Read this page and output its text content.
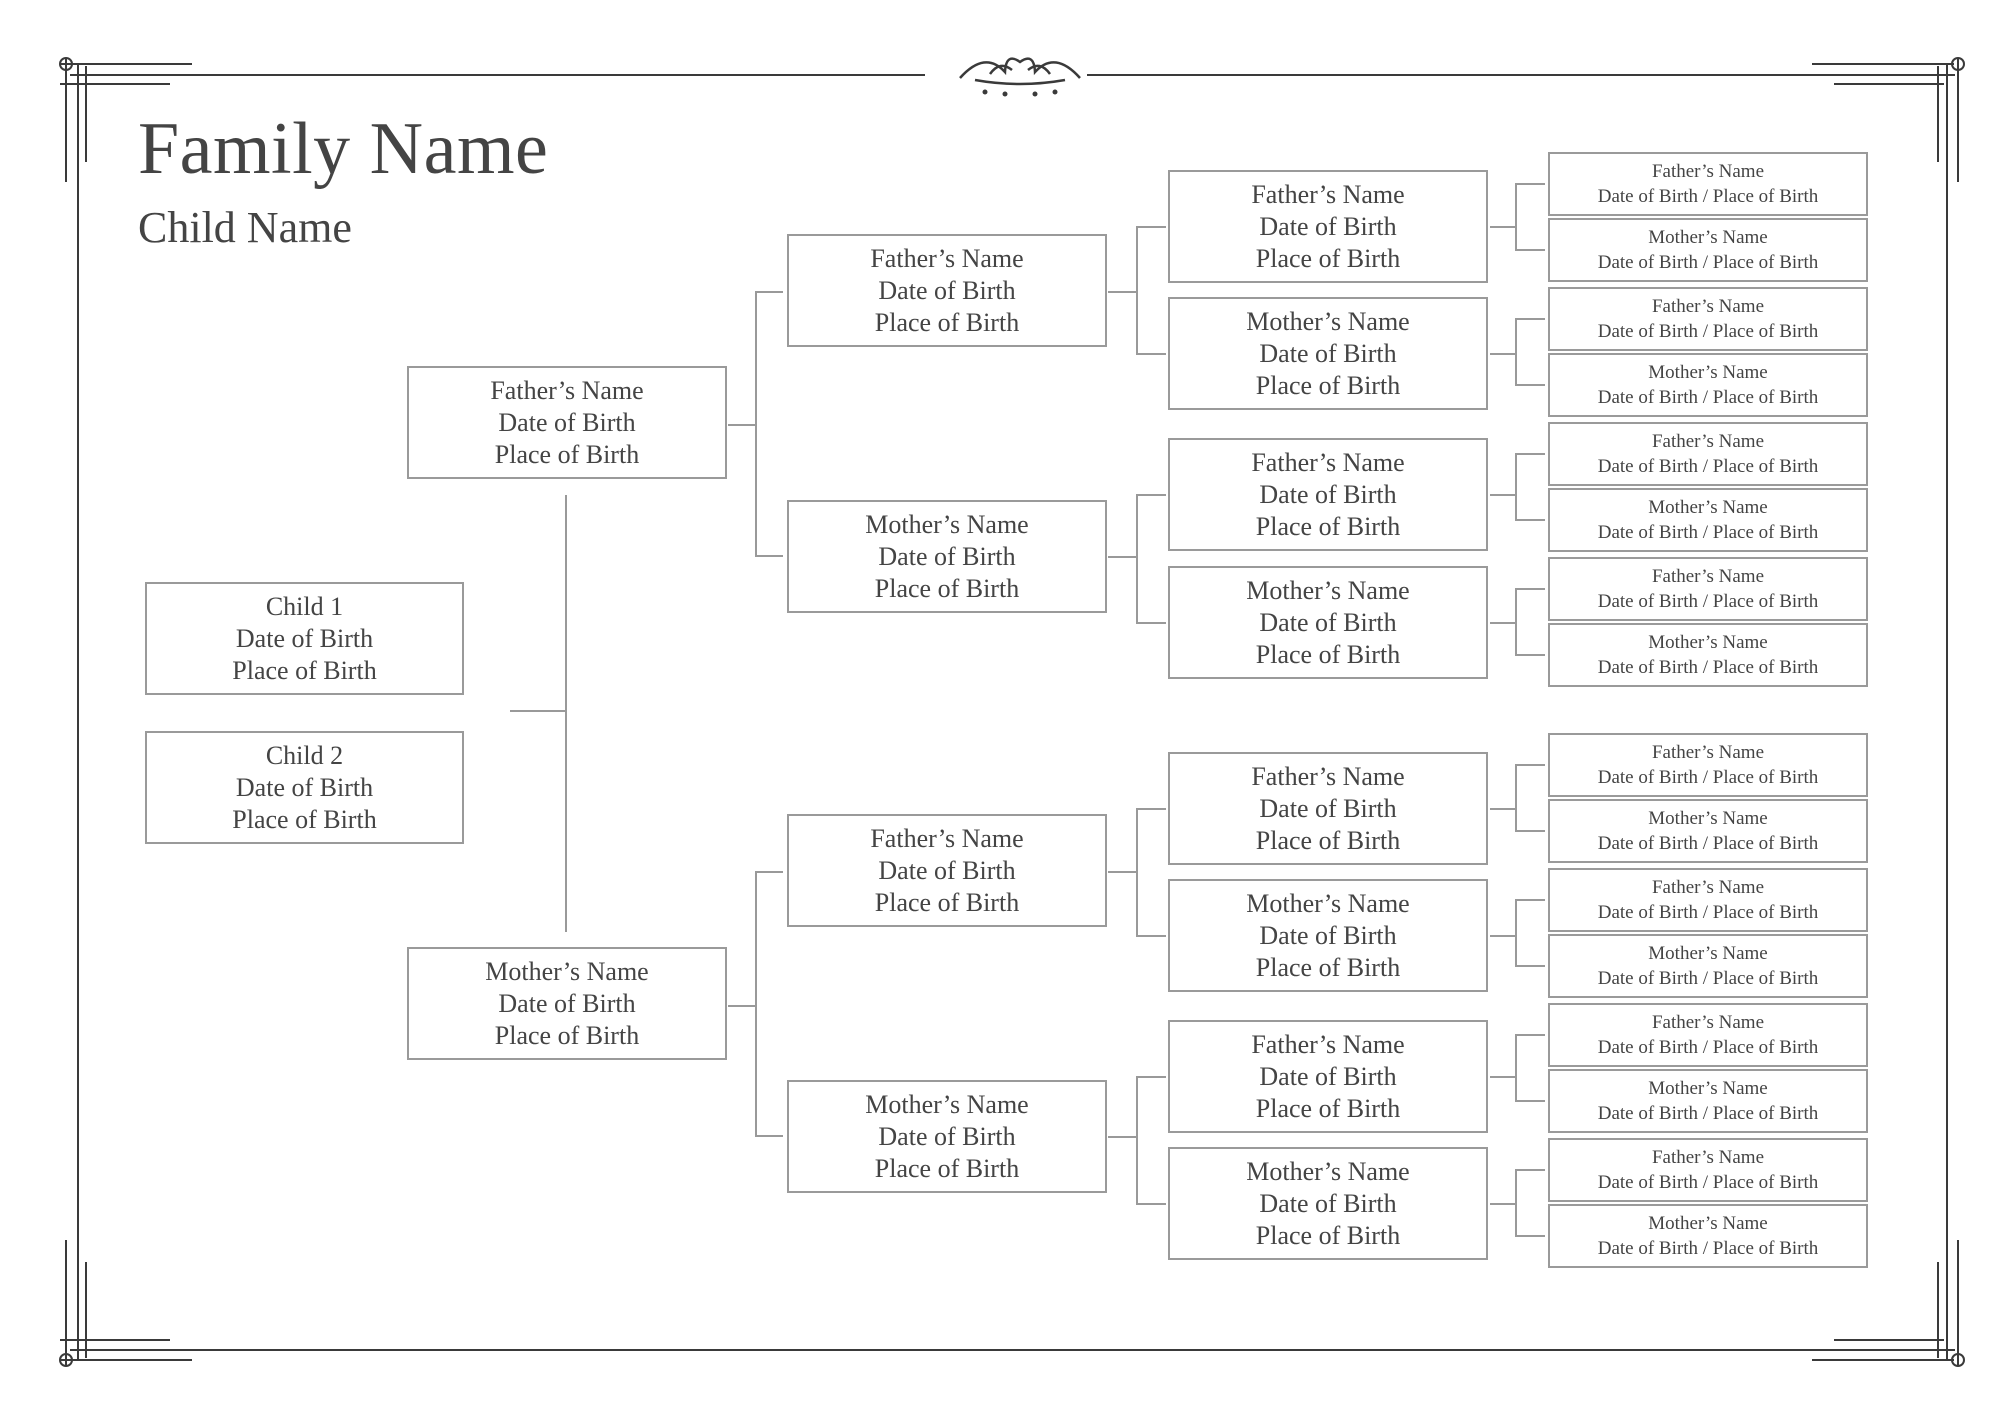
Family Name
Child Name
Child 1
Date of Birth
Place of Birth
Child 2
Date of Birth
Place of Birth
Father’s Name
Date of Birth
Place of Birth
Mother’s Name
Date of Birth
Place of Birth
Father’s Name
Date of Birth
Place of Birth
Mother’s Name
Date of Birth
Place of Birth
Father’s Name
Date of Birth
Place of Birth
Mother’s Name
Date of Birth
Place of Birth
Father’s Name
Date of Birth
Place of Birth
Mother’s Name
Date of Birth
Place of Birth
Father’s Name
Date of Birth
Place of Birth
Mother’s Name
Date of Birth
Place of Birth
Father’s Name
Date of Birth
Place of Birth
Mother’s Name
Date of Birth
Place of Birth
Father’s Name
Date of Birth
Place of Birth
Mother’s Name
Date of Birth
Place of Birth
Father’s Name
Date of Birth / Place of Birth
Mother’s Name
Date of Birth / Place of Birth
Father’s Name
Date of Birth / Place of Birth
Mother’s Name
Date of Birth / Place of Birth
Father’s Name
Date of Birth / Place of Birth
Mother’s Name
Date of Birth / Place of Birth
Father’s Name
Date of Birth / Place of Birth
Mother’s Name
Date of Birth / Place of Birth
Father’s Name
Date of Birth / Place of Birth
Mother’s Name
Date of Birth / Place of Birth
Father’s Name
Date of Birth / Place of Birth
Mother’s Name
Date of Birth / Place of Birth
Father’s Name
Date of Birth / Place of Birth
Mother’s Name
Date of Birth / Place of Birth
Father’s Name
Date of Birth / Place of Birth
Mother’s Name
Date of Birth / Place of Birth
